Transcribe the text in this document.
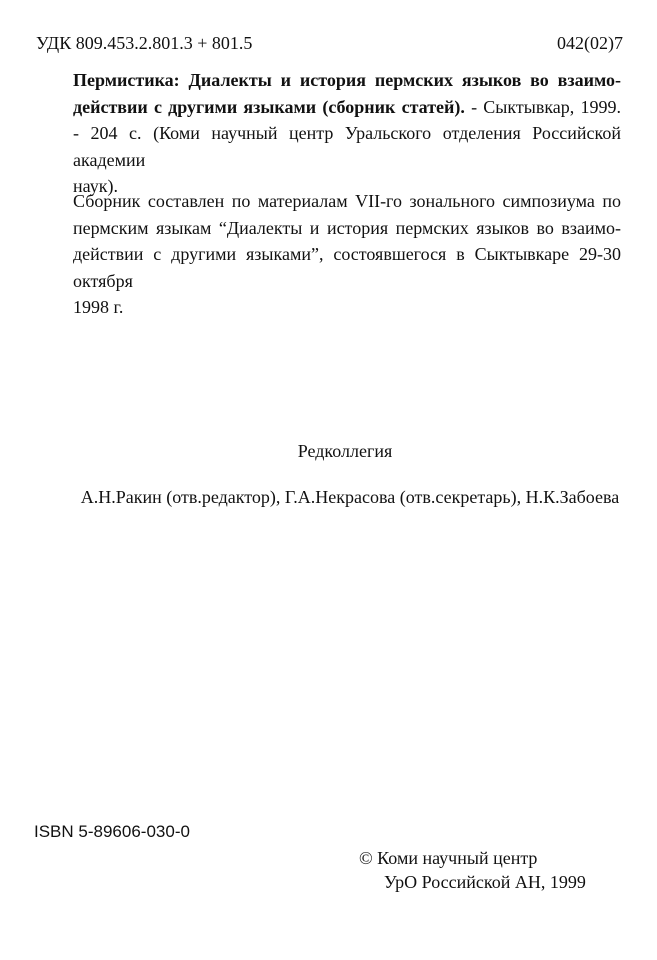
УДК 809.453.2.801.3 + 801.5	042(02)7
Пермистика: Диалекты и история пермских языков во взаимо-
действии с другими языками (сборник статей). - Сыктывкар, 1999.
- 204 с. (Коми научный центр Уральского отделения Российской академии
наук).
Сборник составлен по материалам VII-го зонального симпозиума по
пермским языкам “Диалекты и история пермских языков во взаимо-
действии с другими языками”, состоявшегося в Сыктывкаре 29-30 октября
1998 г.
Редколлегия
А.Н.Ракин (отв.редактор), Г.А.Некрасова (отв.секретарь), Н.К.Забоева
ISBN 5-89606-030-0
© Коми научный центр
УрО Российской АН, 1999
